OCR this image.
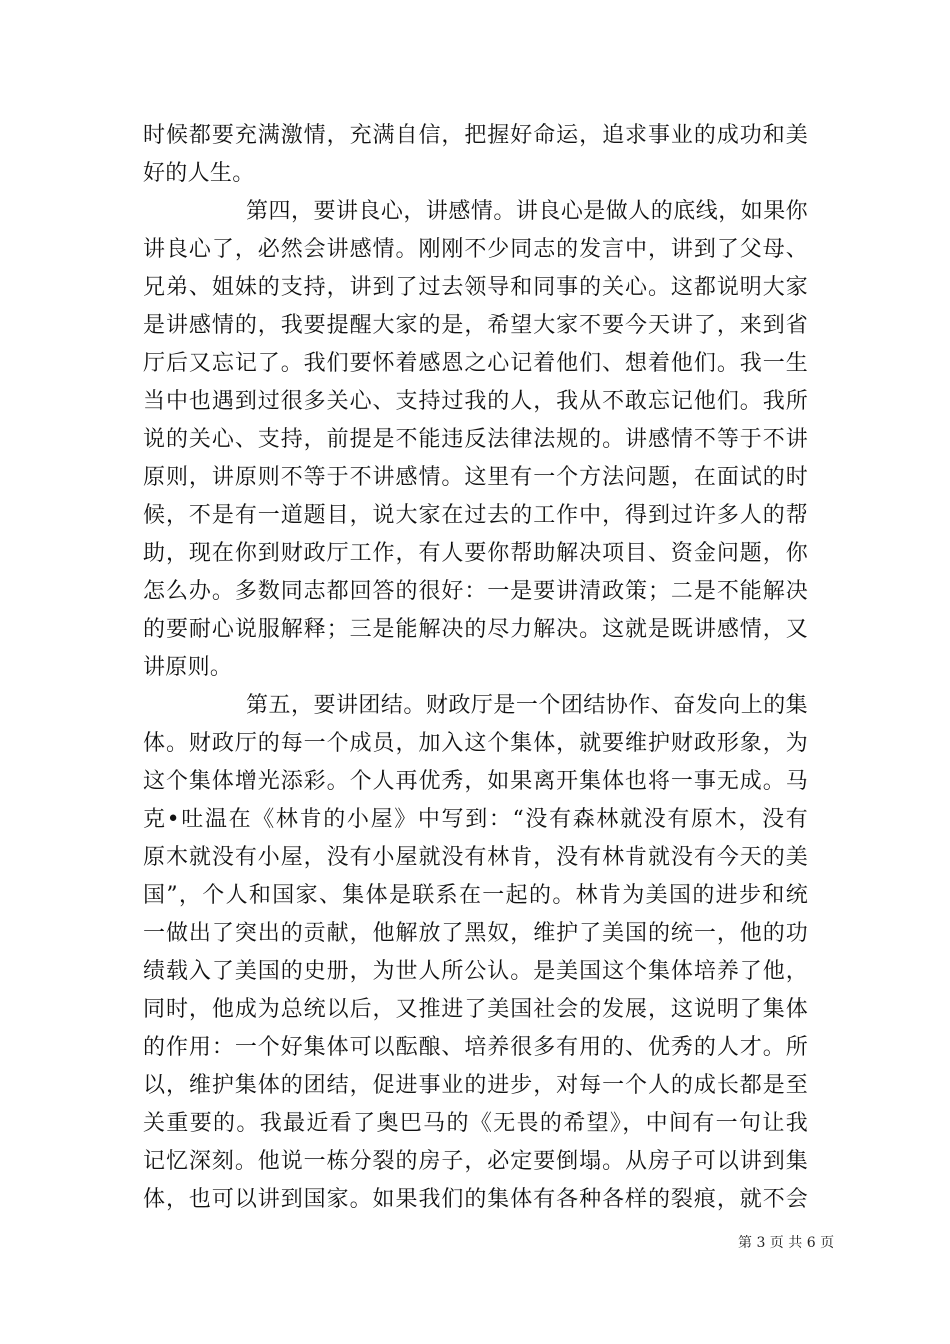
时候都要充满激情，充满自信，把握好命运，追求事业的成功和美
好的人生。
第四，要讲良心，讲感情。讲良心是做人的底线，如果你
讲良心了，必然会讲感情。刚刚不少同志的发言中，讲到了父母、
兄弟、姐妹的支持，讲到了过去领导和同事的关心。这都说明大家
是讲感情的，我要提醒大家的是，希望大家不要今天讲了，来到省
厅后又忘记了。我们要怀着感恩之心记着他们、想着他们。我一生
当中也遇到过很多关心、支持过我的人，我从不敢忘记他们。我所
说的关心、支持，前提是不能违反法律法规的。讲感情不等于不讲
原则，讲原则不等于不讲感情。这里有一个方法问题，在面试的时
候，不是有一道题目，说大家在过去的工作中，得到过许多人的帮
助，现在你到财政厅工作，有人要你帮助解决项目、资金问题，你
怎么办。多数同志都回答的很好：一是要讲清政策；二是不能解决
的要耐心说服解释；三是能解决的尽力解决。这就是既讲感情，又
讲原则。
第五，要讲团结。财政厅是一个团结协作、奋发向上的集
体。财政厅的每一个成员，加入这个集体，就要维护财政形象，为
这个集体增光添彩。个人再优秀，如果离开集体也将一事无成。马
克•吐温在《林肯的小屋》中写到：“没有森林就没有原木，没有
原木就没有小屋，没有小屋就没有林肯，没有林肯就没有今天的美
国”，个人和国家、集体是联系在一起的。林肯为美国的进步和统
一做出了突出的贡献，他解放了黑奴，维护了美国的统一，他的功
绩载入了美国的史册，为世人所公认。是美国这个集体培养了他，
同时，他成为总统以后，又推进了美国社会的发展，这说明了集体
的作用：一个好集体可以酝酿、培养很多有用的、优秀的人才。所
以，维护集体的团结，促进事业的进步，对每一个人的成长都是至
关重要的。我最近看了奥巴马的《无畏的希望》，中间有一句让我
记忆深刻。他说一栋分裂的房子，必定要倒塌。从房子可以讲到集
体，也可以讲到国家。如果我们的集体有各种各样的裂痕，就不会
第 3 页 共 6 页
